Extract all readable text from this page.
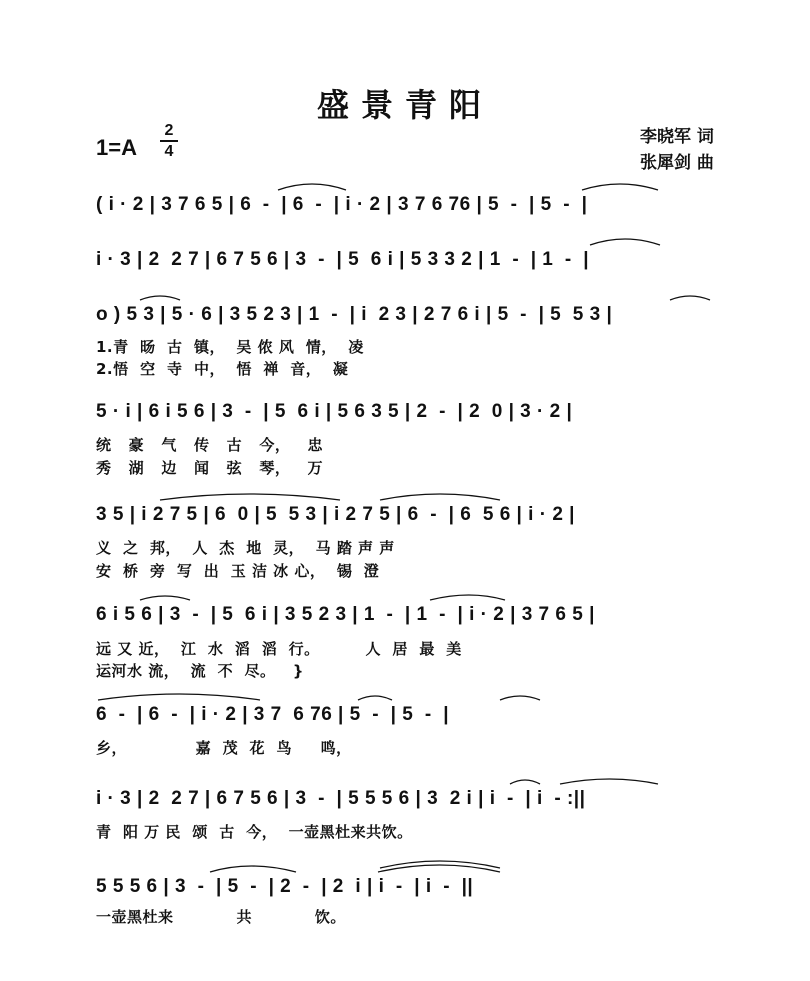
盛景青阳
1=A
2
4
李晓军 词
张犀剑 曲
( i · 2 | 3 7 6 5 | 6  -  | 6  -  | i · 2 | 3 7 6 76 | 5  -  | 5  -  |
i · 3 | 2  2 7 | 6 7 5 6 | 3  -  | 5  6 i | 5 3 3 2 | 1  -  | 1  -  |
o ) 5 3 | 5 · 6 | 3 5 2 3 | 1  -  | i  2 3 | 2 7 6 i | 5  -  | 5  5 3 |
1.青  旸  古  镇，  吴 侬 风  情，  凌
2.悟  空  寺  中，  悟  禅  音，  凝
5 · i | 6 i 5 6 | 3  -  | 5  6 i | 5 6 3 5 | 2  -  | 2  0 | 3 · 2 |
统   豪   气   传   古   今，   忠
秀   湖   边   闻   弦   琴，   万
3 5 | i 2 7 5 | 6  0 | 5  5 3 | i 2 7 5 | 6  -  | 6  5 6 | i · 2 |
义  之  邦，  人  杰  地  灵，  马 踏 声 声
安  桥  旁  写  出  玉 洁 冰 心，  锡  澄
6 i 5 6 | 3  -  | 5  6 i | 3 5 2 3 | 1  -  | 1  -  | i · 2 | 3 7 6 5 |
远 又 近，  江  水  滔  滔  行。        人  居  最  美
运河水 流，  流  不  尽。   }
6  -  | 6  -  | i · 2 | 3 7  6 76 | 5  -  | 5  -  |
乡，            嘉  茂  花  鸟     鸣，
i · 3 | 2  2 7 | 6 7 5 6 | 3  -  | 5 5 5 6 | 3  2 i | i  -  | i  - :||
青  阳 万 民  颂  古  今，  一壶黑杜来共饮。
5 5 5 6 | 3  -  | 5  -  | 2  -  | 2  i | i  -  | i  -  ||
一壶黑杜来           共           饮。
